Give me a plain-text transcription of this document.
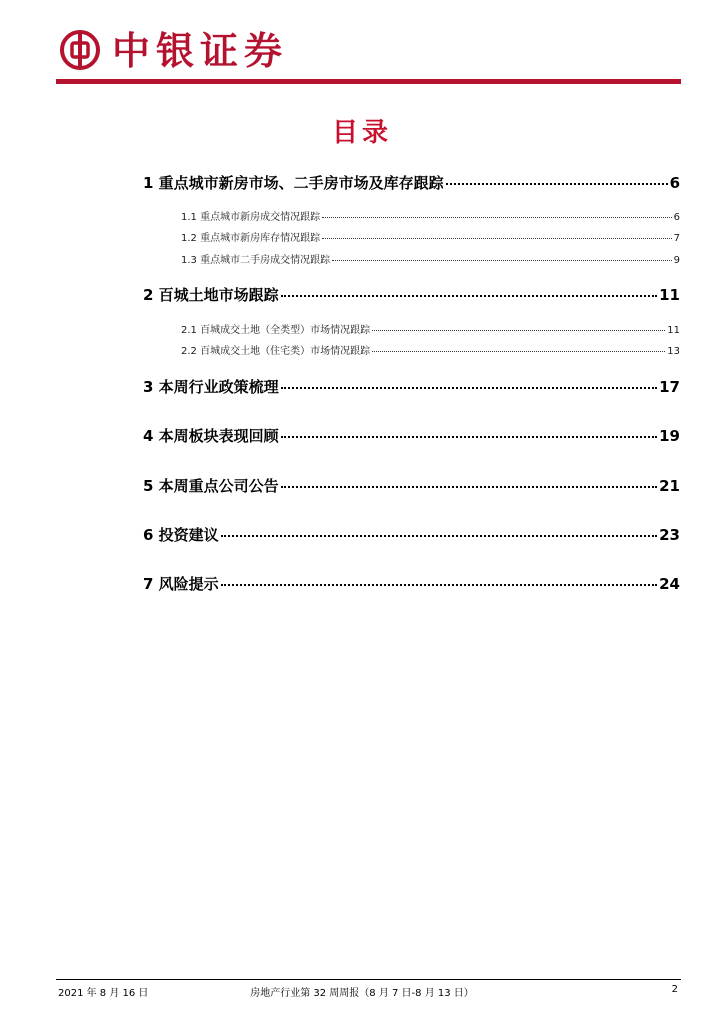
中银证券
目录
1 重点城市新房市场、二手房市场及库存跟踪	6
1.1 重点城市新房成交情况跟踪	6
1.2 重点城市新房库存情况跟踪	7
1.3 重点城市二手房成交情况跟踪	9
2 百城土地市场跟踪	11
2.1 百城成交土地（全类型）市场情况跟踪	11
2.2 百城成交土地（住宅类）市场情况跟踪	13
3 本周行业政策梳理	17
4 本周板块表现回顾	19
5 本周重点公司公告	21
6 投资建议	23
7 风险提示	24
2021 年 8 月 16 日	房地产行业第 32 周周报（8 月 7 日-8 月 13 日）	2
